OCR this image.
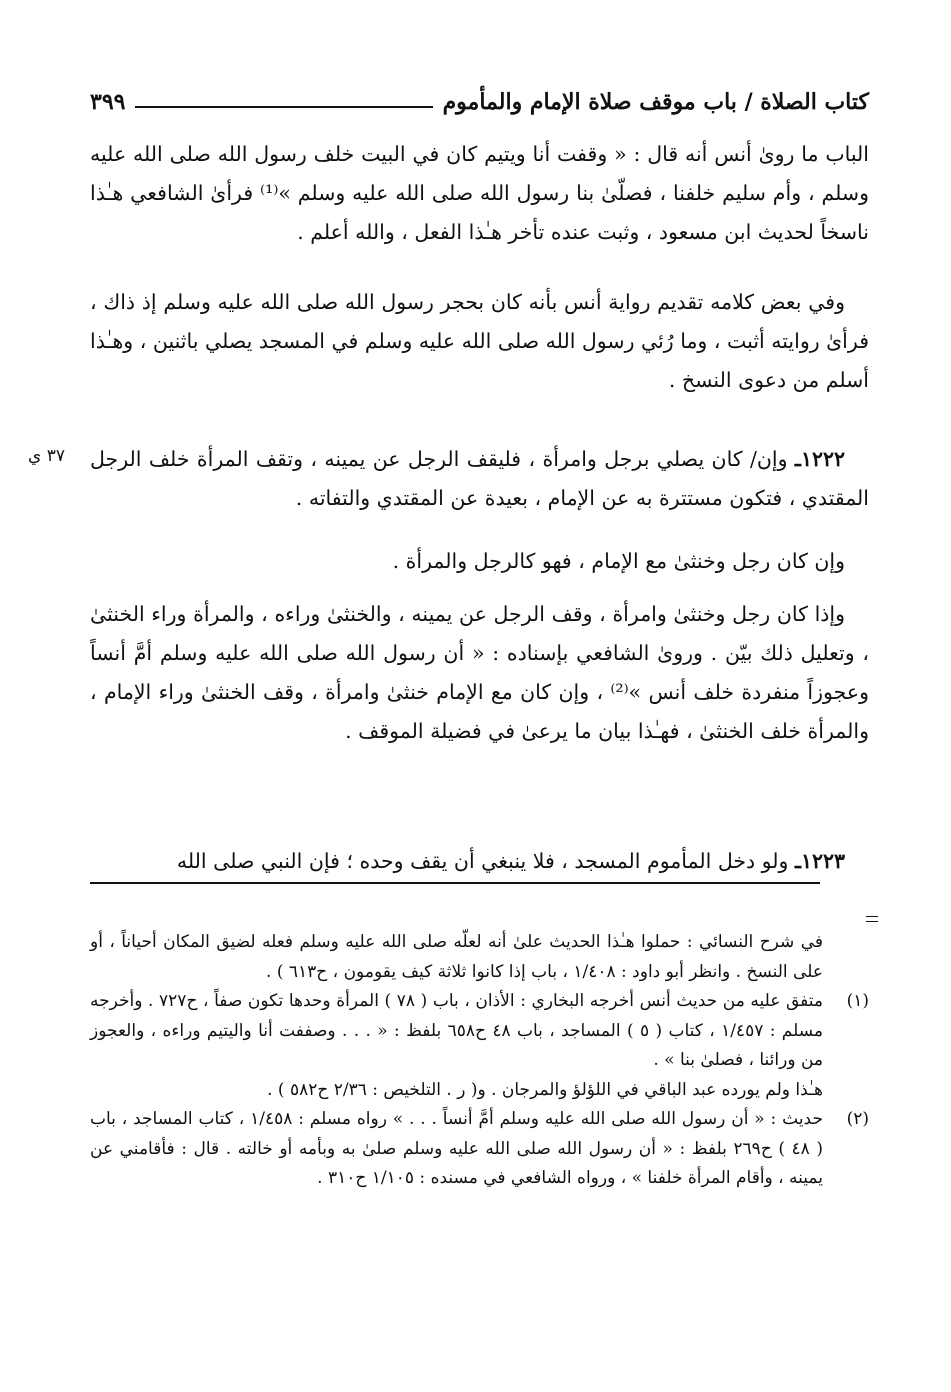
كتاب الصلاة / باب موقف صلاة الإمام والمأموم
٣٩٩

الباب ما روىٰ أنس أنه قال : « وقفت أنا ويتيم كان في البيت خلف رسول الله صلى الله عليه وسلم ، وأم سليم خلفنا ، فصلّىٰ بنا رسول الله صلى الله عليه وسلم »⁽¹⁾ فرأىٰ الشافعي هـٰذا ناسخاً لحديث ابن مسعود ، وثبت عنده تأخر هـٰذا الفعل ، والله أعلم .

وفي بعض كلامه تقديم رواية أنس بأنه كان بحجر رسول الله صلى الله عليه وسلم إذ ذاك ، فرأىٰ روايته أثبت ، وما رُئي رسول الله صلى الله عليه وسلم في المسجد يصلي باثنين ، وهـٰذا أسلم من دعوى النسخ .

١٢٢٢ـ وإن/ كان يصلي برجل وامرأة ، فليقف الرجل عن يمينه ، وتقف المرأة خلف الرجل المقتدي ، فتكون مستترة به عن الإمام ، بعيدة عن المقتدي والتفاته .

٣٧ ي

وإن كان رجل وخنثىٰ مع الإمام ، فهو كالرجل والمرأة .

وإذا كان رجل وخنثىٰ وامرأة ، وقف الرجل عن يمينه ، والخنثىٰ وراءه ، والمرأة وراء الخنثىٰ ، وتعليل ذلك بيّن . وروىٰ الشافعي بإسناده : « أن رسول الله صلى الله عليه وسلم أمَّ أنساً وعجوزاً منفردة خلف أنس »⁽²⁾ ، وإن كان مع الإمام خنثىٰ وامرأة ، وقف الخنثىٰ وراء الإمام ، والمرأة خلف الخنثىٰ ، فهـٰذا بيان ما يرعىٰ في فضيلة الموقف .

١٢٢٣ـ ولو دخل المأموم المسجد ، فلا ينبغي أن يقف وحده ؛ فإن النبي صلى الله

في شرح النسائي : حملوا هـٰذا الحديث علىٰ أنه لعلّه صلى الله عليه وسلم فعله لضيق المكان أحياناً ، أو على النسخ . وانظر أبو داود : ١/٤٠٨ ، باب إذا كانوا ثلاثة كيف يقومون ، ح٦١٣ ) .

(١)
متفق عليه من حديث أنس أخرجه البخاري : الأذان ، باب ( ٧٨ ) المرأة وحدها تكون صفاً ، ح٧٢٧ . وأخرجه مسلم : ١/٤٥٧ ، كتاب ( ٥ ) المساجد ، باب ٤٨ ح٦٥٨ بلفظ : « . . . وصففت أنا واليتيم وراءه ، والعجوز من ورائنا ، فصلىٰ بنا » .

هـٰذا ولم يورده عبد الباقي في اللؤلؤ والمرجان . و( ر . التلخيص : ٢/٣٦ ح٥٨٢ ) .

(٢)
حديث : « أن رسول الله صلى الله عليه وسلم أمَّ أنساً . . . » رواه مسلم : ١/٤٥٨ ، كتاب المساجد ، باب ( ٤٨ ) ح٢٦٩ بلفظ : « أن رسول الله صلى الله عليه وسلم صلىٰ به وبأمه أو خالته . قال : فأقامني عن يمينه ، وأقام المرأة خلفنا » ، ورواه الشافعي في مسنده : ١/١٠٥ ح٣١٠ .
